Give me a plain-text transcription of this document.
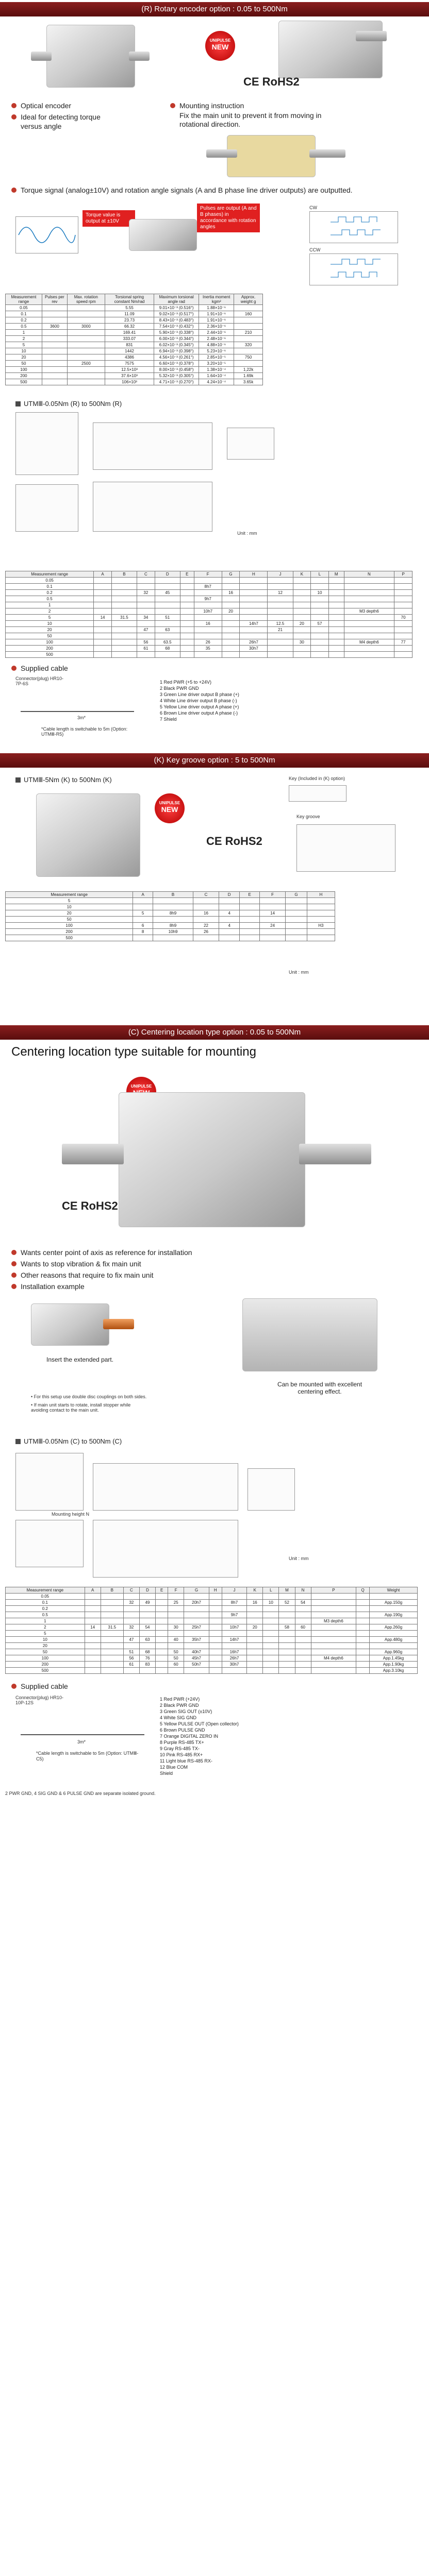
(R) Rotary encoder option : 0.05 to 500Nm
UNIPULSE
NEW
CE RoHS2
Optical encoder
Ideal for detecting torque versus angle
Mounting instruction
Fix the main unit to prevent it from moving in rotational direction.
Torque signal (analog±10V) and rotation angle signals (A and B phase line driver outputs) are outputted.
Torque value is output at ±10V
Pulses are output (A and B phases) in accordance with rotation angles
CW
CCW
Measurement range	Pulses per rev	Max. rotation speed rpm	Torsional spring constant Nm/rad	Maximum torsional angle rad	Inertia moment kgm²	Approx. weight g
0.05			5.55	9.01×10⁻³ (0.516°)	1.88×10⁻⁶	
0.1			11.09	9.02×10⁻³ (0.517°)	1.91×10⁻⁶	160
0.2			23.73	8.43×10⁻³ (0.483°)	1.91×10⁻⁶	
0.5	3600	3000	66.32	7.54×10⁻³ (0.432°)	2.36×10⁻⁶	
1			169.41	5.90×10⁻³ (0.338°)	2.44×10⁻⁶	210
2			333.07	6.00×10⁻³ (0.344°)	2.48×10⁻⁶	
5			831	6.02×10⁻³ (0.345°)	4.88×10⁻⁶	320
10			1442	6.94×10⁻³ (0.398°)	5.23×10⁻⁶	
20			4386	4.56×10⁻³ (0.261°)	2.85×10⁻⁵	750
50		2500	7575	6.60×10⁻³ (0.378°)	3.20×10⁻⁵	
100			12.5×10³	8.00×10⁻³ (0.458°)	1.38×10⁻⁴	1,22k
200			37.6×10³	5.32×10⁻³ (0.305°)	1.64×10⁻⁴	1.69k
500			106×10³	4.71×10⁻³ (0.270°)	4.24×10⁻⁴	3.65k
UTMⅢ-0.05Nm (R) to 500Nm (R)
Unit : mm
Measurement range	A	B	C	D	E	F	G	H	J	K	L	M	N	P
0.05														
0.1						8h7								
0.2			32	45			16		12		10			
0.5						9h7								
1														
2						10h7	20						M3 depth6	
5	14	31.5	34	51										70
10						16		14h7	12.5	20	57			
20			47	63					21					
50														
100			56	63.5		26		26h7		30			M4 depth6	77
200			61	68		35		30h7						
500														
Supplied cable
Connector(plug) HR10-7P-6S
3m*
*Cable length is switchable to 5m (Option: UTMⅢ-R5)
1 Red PWR (+5 to +24V)
2 Black PWR GND
3 Green Line driver output B phase (+)
4 White Line driver output B phase (-)
5 Yellow Line driver output A phase (+)
6 Brown Line driver output A phase (-)
7 Shield
(K) Key groove option : 5 to 500Nm
UTMⅢ-5Nm (K) to 500Nm (K)	Key (Included in (K) option)
UNIPULSE
NEW
CE RoHS2
Key groove
Measurement range	A	B	C	D	E	F	G	H
5								
10								
20	5	8h9	16	4		14		
50								
100	6	8h9	22	4		24		H3
200	8	10h9	26					
500								
Unit : mm
(C) Centering location type option : 0.05 to 500Nm
Centering location type suitable for mounting
UNIPULSE
CE RoHS2
Wants center point of axis as reference for installation
Wants to stop vibration & fix main unit
Other reasons that require to fix main unit
Installation example
Insert the extended part.
Can be mounted with excellent centering effect.
• For this setup use double disc couplings on both sides.
• If main unit starts to rotate, install stopper while avoiding contact to the main unit.
UTMⅢ-0.05Nm (C) to 500Nm (C)
Mounting height N
Unit : mm
Measurement range	A	B	C	D	E	F	G	H	J	K	L	M	N	P	Q	Weight
0.05																
0.1			32	49		25	20h7		8h7	16	10	52	54			App.150g
0.2																
0.5									9h7							App.190g
1														M3 depth6		
2	14	31.5	32	54		30	25h7		10h7	20		58	60			App.260g
5																
10			47	63		40	35h7		14h7							App.480g
20																
50			51	68		50	40h7		16h7							App.960g
100			56	76		50	45h7		26h7					M4 depth6		App.1.45kg
200			61	83		60	50h7		30h7							App.1.90kg
500																App.3.10kg
Supplied cable
Connector(plug) HR10-10P-12S
3m*
*Cable length is switchable to 5m (Option: UTMⅢ-C5)
1 Red PWR (+24V)
2 Black PWR GND
3 Green SIG OUT (±10V)
4 White SIG GND
5 Yellow PULSE OUT (Open collector)
6 Brown PULSE GND
7 Orange DIGITAL ZERO IN
8 Purple RS-485 TX+
9 Gray RS-485 TX-
10 Pink RS-485 RX+
11 Light blue RS-485 RX-
12 Blue COM
Shield
2 PWR GND, 4 SIG GND & 6 PULSE GND are separate isolated ground.
